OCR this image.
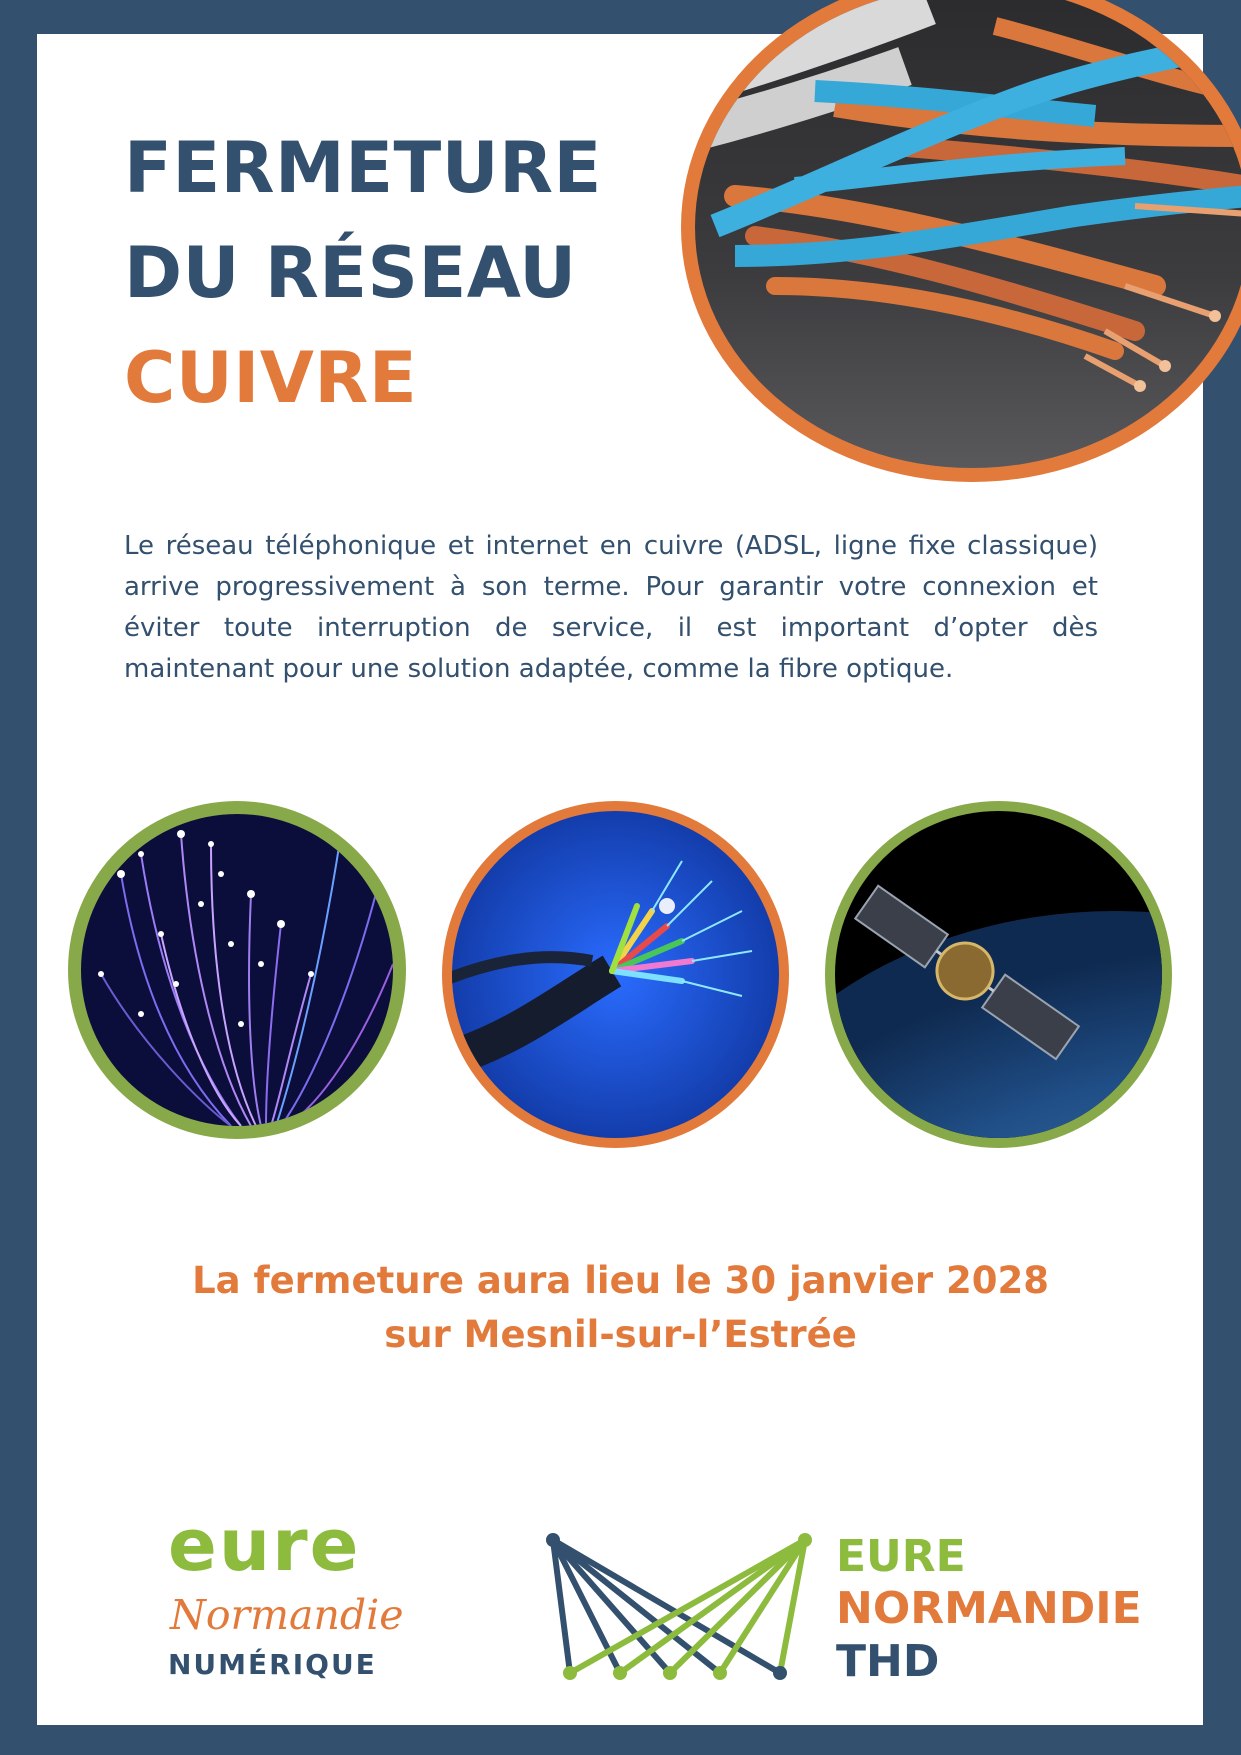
FERMETURE

DU RÉSEAU

CUIVRE

Le réseau téléphonique et internet en cuivre (ADSL, ligne fixe classique) arrive progressivement à son terme. Pour garantir votre connexion et éviter toute interruption de service, il est important d’opter dès maintenant pour une solution adaptée, comme la fibre optique.

La fermeture aura lieu le 30 janvier 2028

sur Mesnil-sur-l’Estrée

eure
Normandie
NUMÉRIQUE

EURE

NORMANDIE

THD
